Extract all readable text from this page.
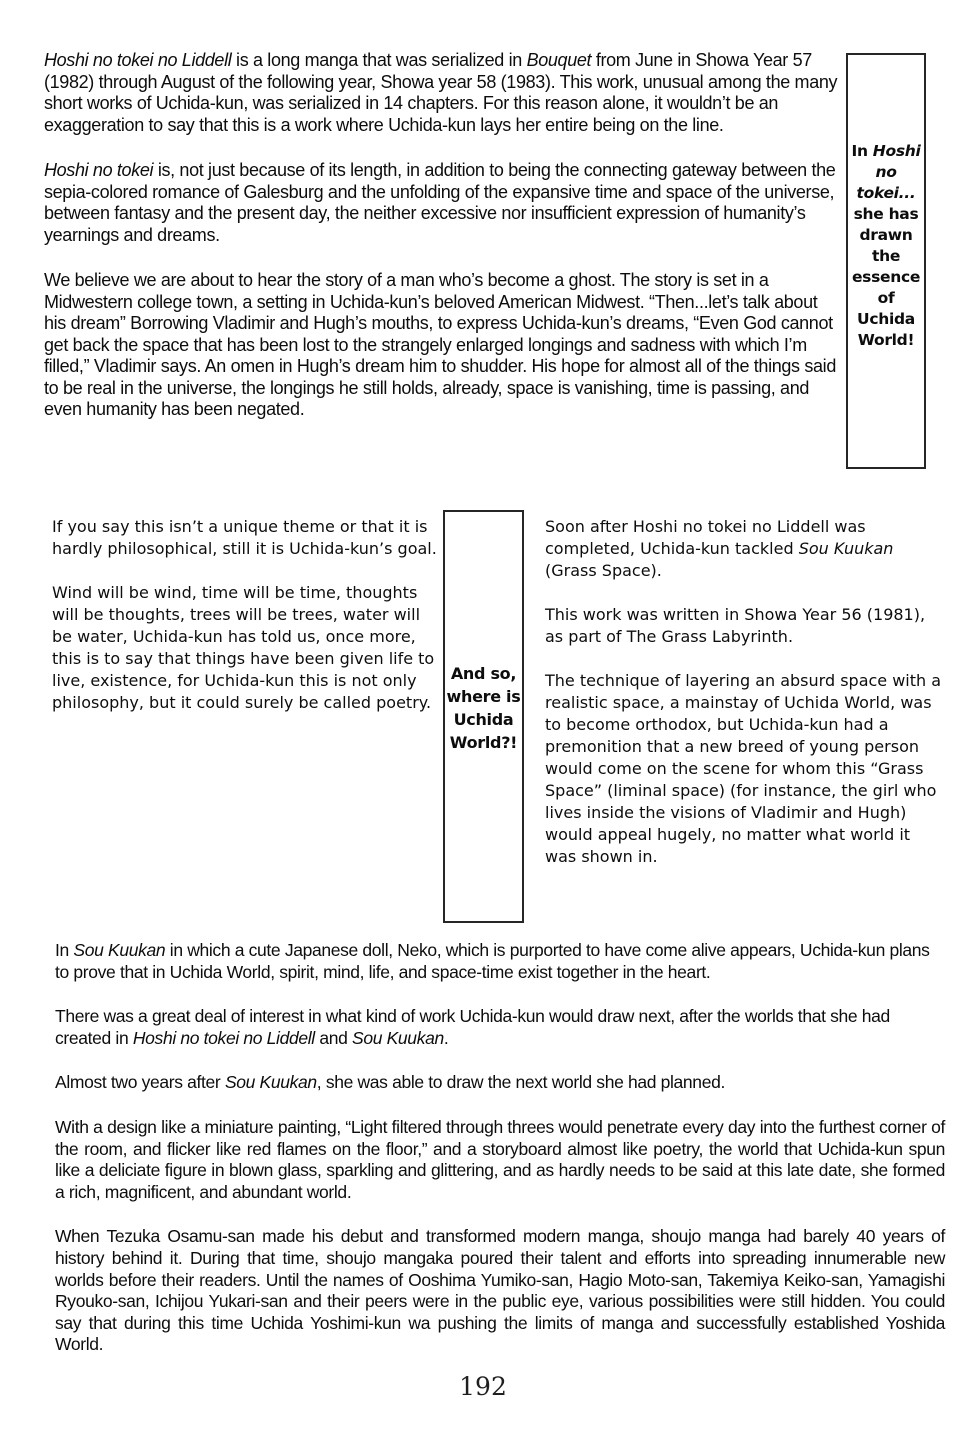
Hoshi no tokei no Liddell is a long manga that was serialized in Bouquet from June in Showa Year 57 (1982) through August of the following year, Showa year 58 (1983). This work, unusual among the many short works of Uchida-kun, was serialized in 14 chapters. For this reason alone, it wouldn’t be an exaggeration to say that this is a work where Uchida-kun lays her entire being on the line.

Hoshi no tokei is, not just because of its length, in addition to being the connecting gateway between the sepia-colored romance of Galesburg and the unfolding of the expansive time and space of the universe, between fantasy and the present day, the neither excessive nor insufficient expression of humanity’s yearnings and dreams.

We believe we are about to hear the story of a man who’s become a ghost. The story is set in a Midwestern college town, a setting in Uchida-kun’s beloved American Midwest. “Then...let’s talk about his dream” Borrowing Vladimir and Hugh’s mouths, to express Uchida-kun’s dreams, “Even God cannot get back the space that has been lost to the strangely enlarged longings and sadness with which I’m filled,” Vladimir says. An omen in Hugh’s dream him to shudder. His hope for almost all of the things said to be real in the universe, the longings he still holds, already, space is vanishing, time is passing, and even humanity has been negated.

In Hoshi
no
tokei...
she has
drawn
the
essence
of
Uchida
World!

If you say this isn’t a unique theme or that it is hardly philosophical, still it is Uchida-kun’s goal.

Wind will be wind, time will be time, thoughts will be thoughts, trees will be trees, water will be water, Uchida-kun has told us, once more, this is to say that things have been given life to live, existence, for Uchida-kun this is not only philosophy, but it could surely be called poetry.

And so,
where is
Uchida
World?!

Soon after Hoshi no tokei no Liddell was completed, Uchida-kun tackled Sou Kuukan (Grass Space).

This work was written in Showa Year 56 (1981), as part of The Grass Labyrinth.

The technique of layering an absurd space with a realistic space, a mainstay of Uchida World, was to become orthodox, but Uchida-kun had a premonition that a new breed of young person would come on the scene for whom this “Grass Space” (liminal space) (for instance, the girl who lives inside the visions of Vladimir and Hugh) would appeal hugely, no matter what world it was shown in.

In Sou Kuukan in which a cute Japanese doll, Neko, which is purported to have come alive appears, Uchida-kun plans to prove that in Uchida World, spirit, mind, life, and space-time exist together in the heart.

There was a great deal of interest in what kind of work Uchida-kun would draw next, after the worlds that she had created in Hoshi no tokei no Liddell and Sou Kuukan.

Almost two years after Sou Kuukan, she was able to draw the next world she had planned.

With a design like a miniature painting, “Light filtered through threes would penetrate every day into the furthest corner of the room, and flicker like red flames on the floor,” and a storyboard almost like poetry, the world that Uchida-kun spun like a deliciate figure in blown glass, sparkling and glittering, and as hardly needs to be said at this late date, she formed a rich, magnificent, and abundant world.

When Tezuka Osamu-san made his debut and transformed modern manga, shoujo manga had barely 40 years of history behind it. During that time, shoujo mangaka poured their talent and efforts into spreading innumerable new worlds before their readers. Until the names of Ooshima Yumiko-san, Hagio Moto-san, Takemiya Keiko-san, Yamagishi Ryouko-san, Ichijou Yukari-san and their peers were in the public eye, various possibilities were still hidden. You could say that during this time Uchida Yoshimi-kun wa pushing the limits of manga and successfully established Yoshida World.

192
